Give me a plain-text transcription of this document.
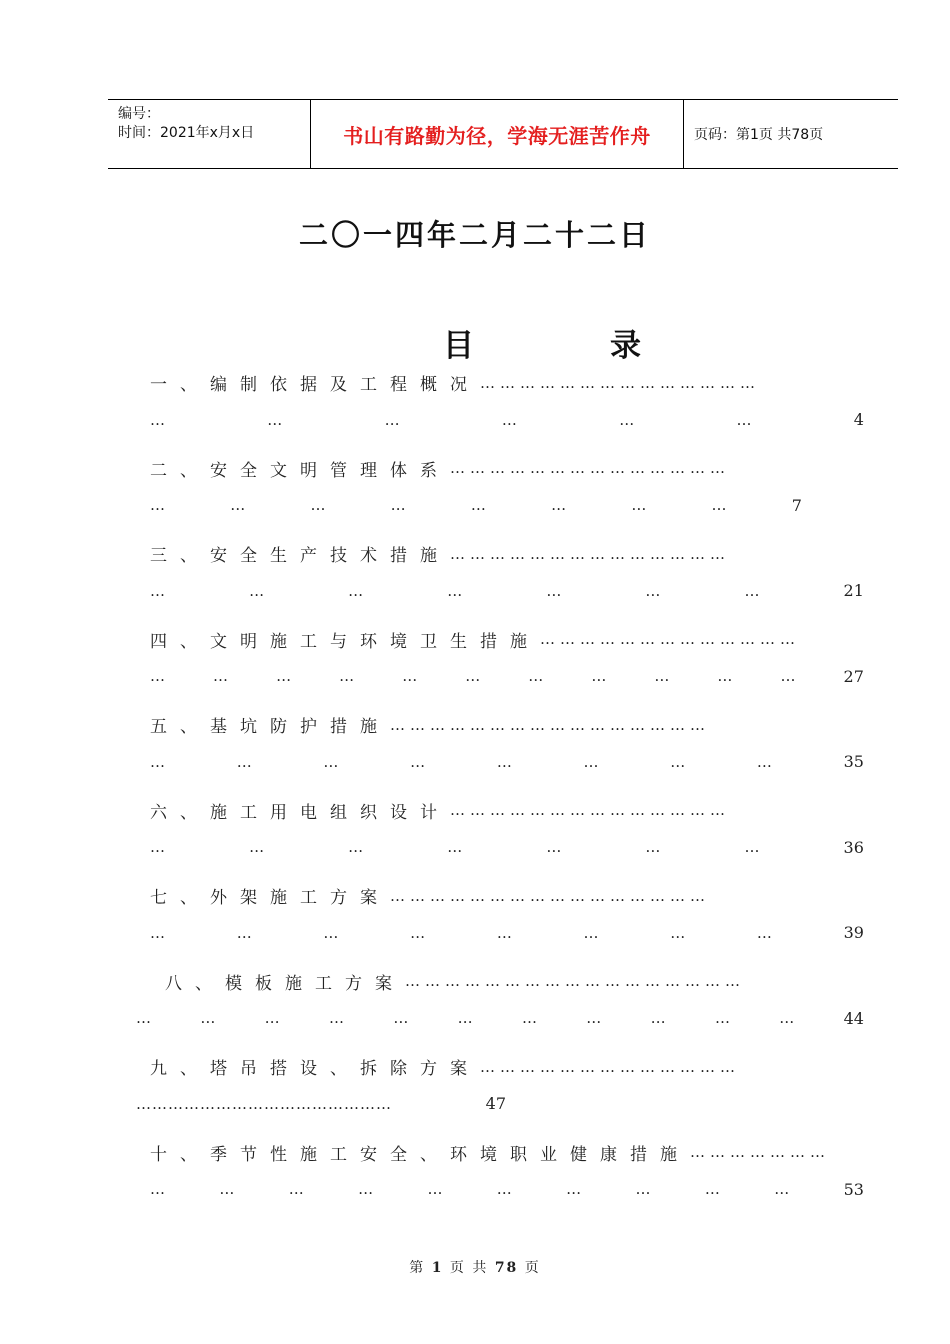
编号：
时间：2021年x月x日	书山有路勤为径，学海无涯苦作舟	页码：第1页 共78页
二〇一四年二月二十二日
目	录
一、编制依据及工程概况 ……………………………………
…	…	…	…	…	…	4
二、安全文明管理体系 ……………………………………
…	…	…	…	…	…	…	…	7
三、安全生产技术措施 ……………………………………
…	…	…	…	…	…	…	21
四、文明施工与环境卫生措施 …………………………………
…	…	…	…	…	…	…	…	…	…	…	27
五、基坑防护措施 …………………………………………
…	…	…	…	…	…	…	…	35
六、施工用电组织设计 ……………………………………
…	…	…	…	…	…	…	36
七、外架施工方案 …………………………………………
…	…	…	…	…	…	…	…	39
八、模板施工方案 ……………………………………………
…	…	…	…	…	…	…	…	…	…	…	44
九、塔吊搭设、拆除方案 …………………………………
…………………………………………	47
十、季节性施工安全、环境职业健康措施 …………………
…	…	…	…	…	…	…	…	…	…	53
第 1 页 共 78 页
